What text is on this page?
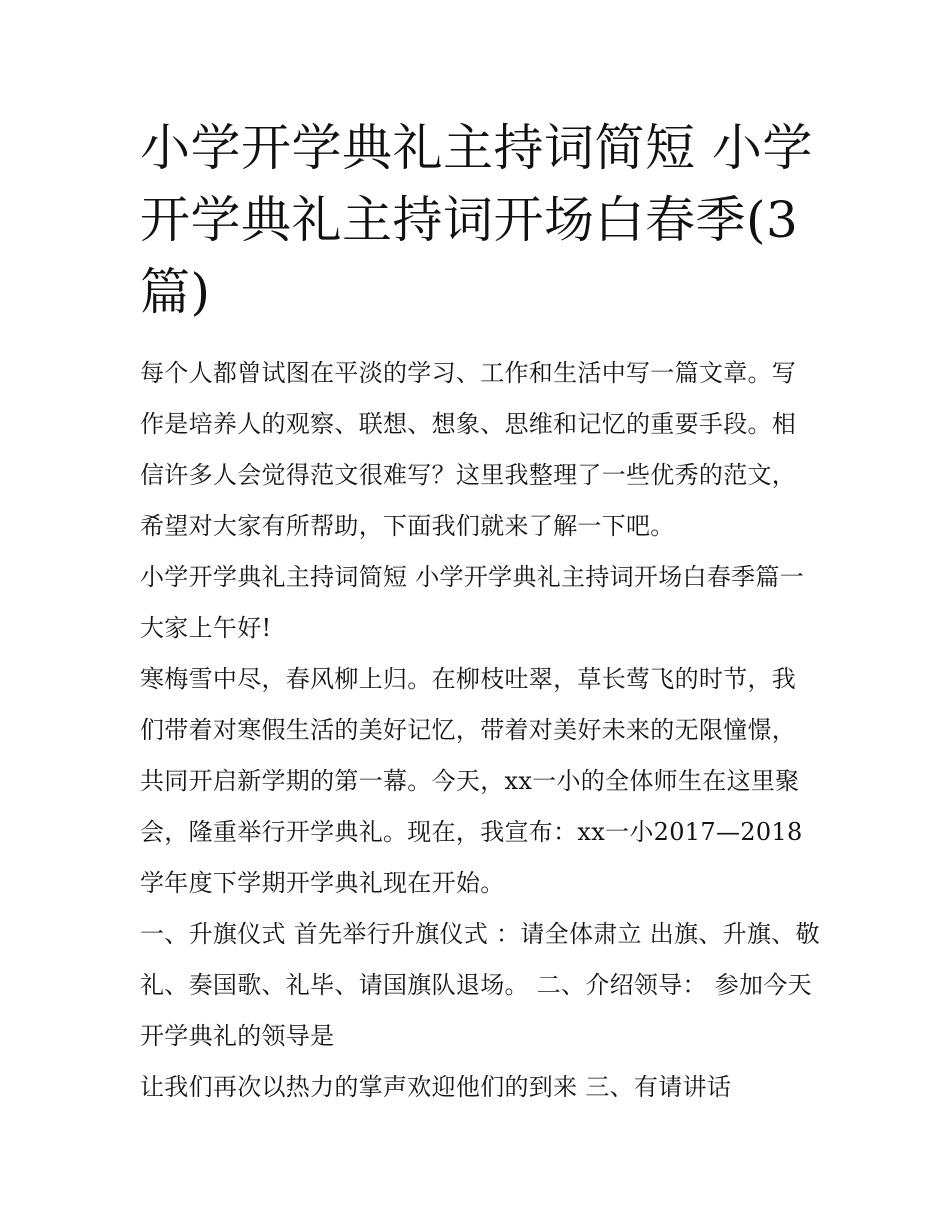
小学开学典礼主持词简短 小学开学典礼主持词开场白春季(3篇)

每个人都曾试图在平淡的学习、工作和生活中写一篇文章。写作是培养人的观察、联想、想象、思维和记忆的重要手段。相信许多人会觉得范文很难写？这里我整理了一些优秀的范文，希望对大家有所帮助，下面我们就来了解一下吧。

小学开学典礼主持词简短 小学开学典礼主持词开场白春季篇一 大家上午好!

寒梅雪中尽，春风柳上归。在柳枝吐翠，草长莺飞的时节，我们带着对寒假生活的美好记忆，带着对美好未来的无限憧憬，共同开启新学期的第一幕。今天，xx一小的全体师生在这里聚会，隆重举行开学典礼。现在，我宣布：xx一小2017—2018学年度下学期开学典礼现在开始。

一、升旗仪式 首先举行升旗仪式 ：请全体肃立 出旗、升旗、敬礼、奏国歌、礼毕、请国旗队退场。 二、介绍领导： 参加今天开学典礼的领导是

让我们再次以热力的掌声欢迎他们的到来 三、有请讲话
